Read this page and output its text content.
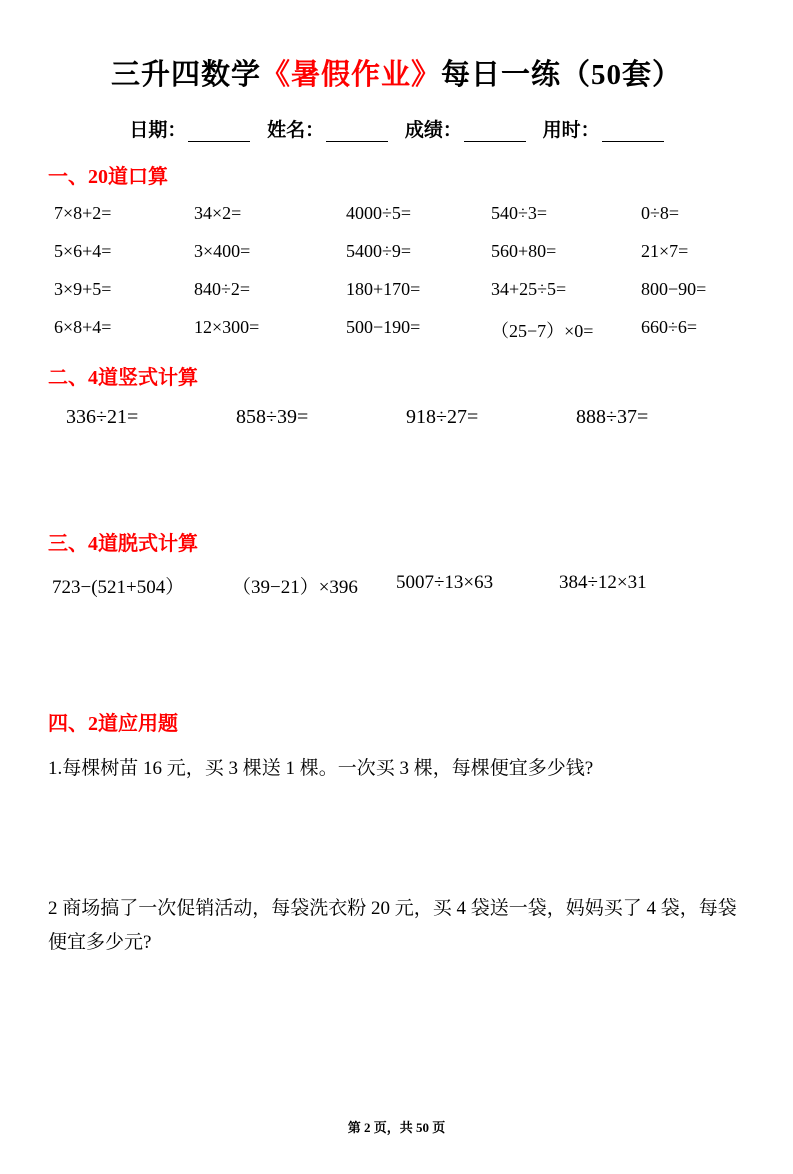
三升四数学《暑假作业》每日一练（50套）
日期：	姓名：	成绩：	用时：
一、20道口算
7×8+2=	34×2=	4000÷5=	540÷3=	0÷8=
5×6+4=	3×400=	5400÷9=	560+80=	21×7=
3×9+5=	840÷2=	180+170=	34+25÷5=	800−90=
6×8+4=	12×300=	500−190=	（25−7）×0=	660÷6=
二、4道竖式计算
336÷21=	858÷39=	918÷27=	888÷37=
三、4道脱式计算
723−(521+504）	（39−21）×396	5007÷13×63	384÷12×31
四、2道应用题
1.每棵树苗 16 元，买 3 棵送 1 棵。一次买 3 棵，每棵便宜多少钱?
2 商场搞了一次促销活动，每袋洗衣粉 20 元，买 4 袋送一袋，妈妈买了 4 袋，每袋便宜多少元?
第 2 页，共 50 页
